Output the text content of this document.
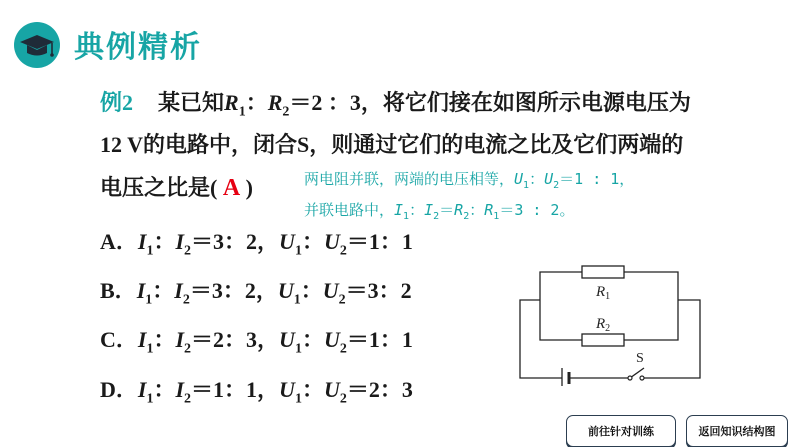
典例精析
例2 某已知$R_1$：$R_2=2$ ：3，将它们接在如图所示电源电压为
12 V的电路中，闭合S，则通过它们的电流之比及它们两端的
电压之比是( A )	两电阻并联，两端的电压相等，$U_1$：$U_2=1$ : 1，
并联电路中，$I_1$：$I_2=R_2$：$R_1=3$ : 2。
A．$I_1$：$I_2=3$：2，$U_1$：$U_2=1$：1
B．$I_1$：$I_2=3$：2，$U_1$：$U_2=3$：2
C．$I_1$：$I_2=2$：3，$U_1$：$U_2=1$：1
D．$I_1$：$I_2=1$：1，$U_1$：$U_2=2$：3
$R_1$
$R_2$
S
前往针对训练	返回知识结构图
